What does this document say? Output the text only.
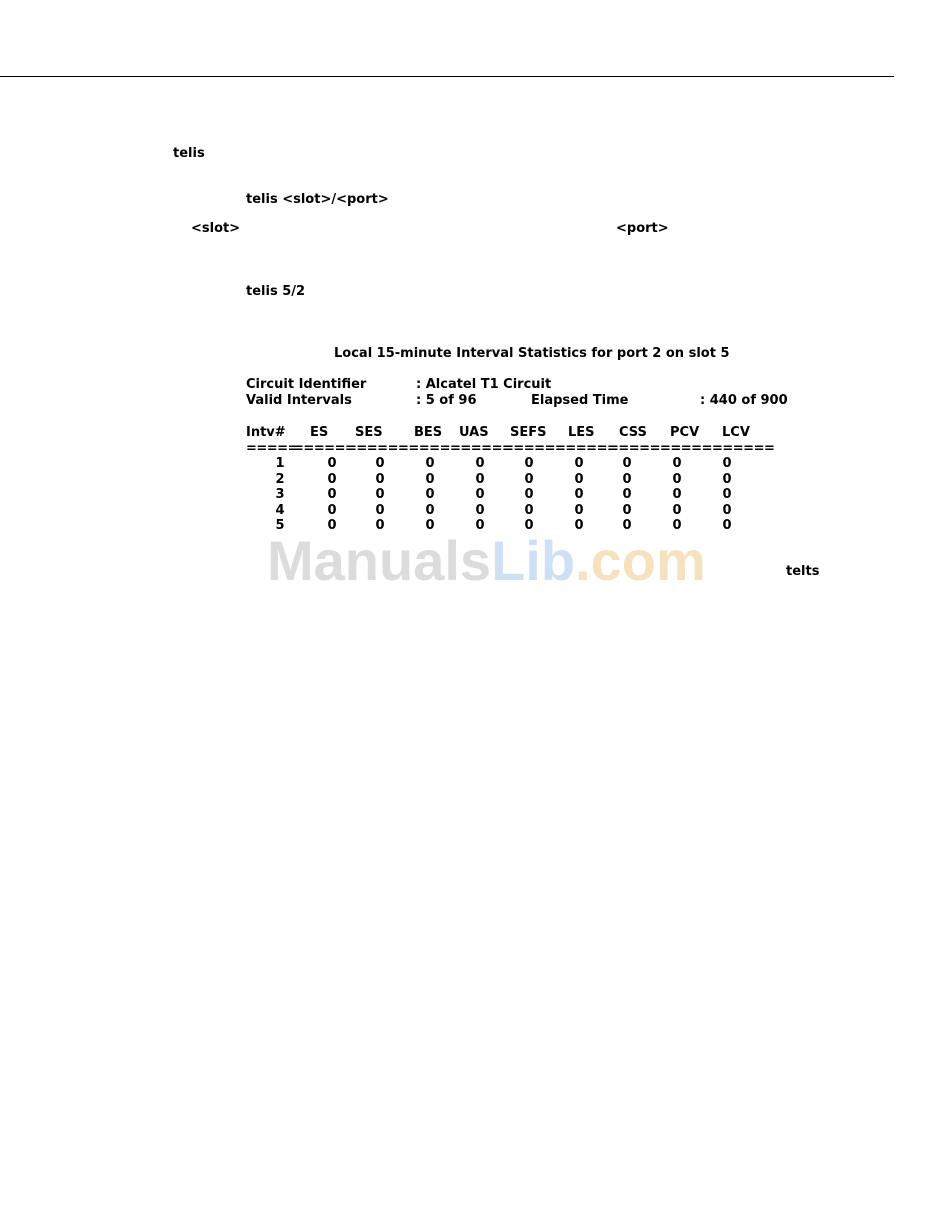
telis
telis <slot>/<port>
<slot>	<port>
telis 5/2
Local 15-minute Interval Statistics for port 2 on slot 5
Circuit Identifier	: Alcatel T1 Circuit
Valid Intervals	: 5 of 96	Elapsed Time	: 440 of 900
Intv# ES SES BES UAS SEFS LES CSS PCV LCV
=====
======
======
======
======
======
======
======
======
======
1	0	0	0	0	0	0	0	0	0
2	0	0	0	0	0	0	0	0	0
3	0	0	0	0	0	0	0	0	0
4	0	0	0	0	0	0	0	0	0
5	0	0	0	0	0	0	0	0	0
ManualsLib.com	telts
